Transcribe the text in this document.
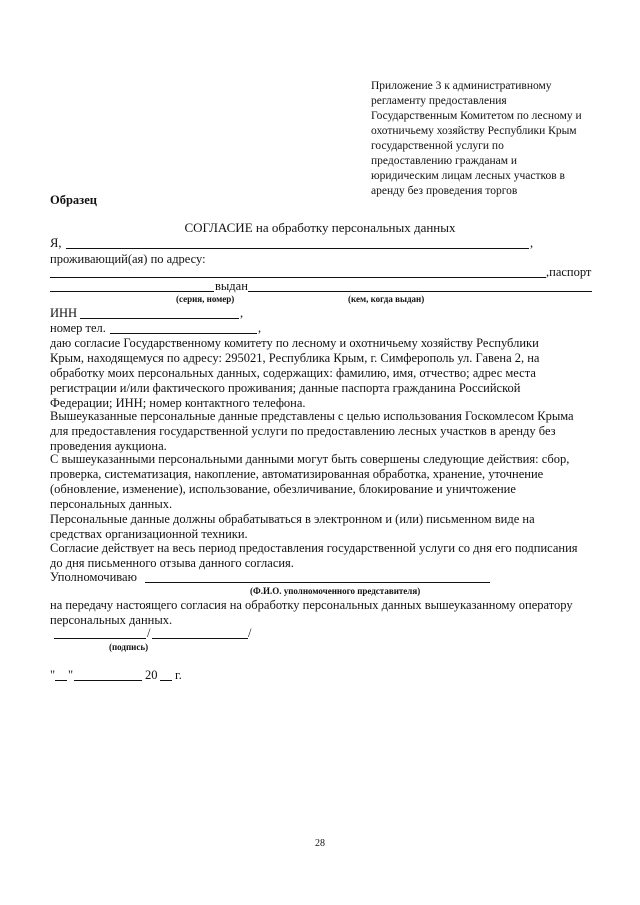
Приложение 3 к административному
регламенту предоставления
Государственным Комитетом по лесному и
охотничьему хозяйству Республики Крым
государственной услуги по
предоставлению гражданам и
юридическим лицам лесных участков в
аренду без проведения торгов
Образец
СОГЛАСИЕ на обработку персональных данных
Я,	,
проживающий(ая) по адресу:
,паспорт
выдан
(серия, номер)	(кем, когда выдан)
ИНН	,
номер тел.	,
даю согласие Государственному комитету по лесному и охотничьему хозяйству Республики
Крым, находящемуся по адресу: 295021, Республика Крым, г. Симферополь ул. Гавена 2, на
обработку моих персональных данных, содержащих: фамилию, имя, отчество; адрес места
регистрации и/или фактического проживания; данные паспорта гражданина Российской
Федерации; ИНН; номер контактного телефона.
Вышеуказанные персональные данные представлены с целью использования Госкомлесом Крыма
для предоставления государственной услуги по предоставлению лесных участков в аренду без
проведения аукциона.
С вышеуказанными персональными данными могут быть совершены следующие действия: сбор,
проверка, систематизация, накопление, автоматизированная обработка, хранение, уточнение
(обновление, изменение), использование, обезличивание, блокирование и уничтожение
персональных данных.
Персональные данные должны обрабатываться в электронном и (или) письменном виде на
средствах организационной техники.
Согласие действует на весь период предоставления государственной услуги со дня его подписания
до дня письменного отзыва данного согласия.
Уполномочиваю
(Ф.И.О. уполномоченного представителя)
на передачу настоящего согласия на обработку персональных данных вышеуказанному оператору
персональных данных.
/	/
(подпись)
" "	20 г.
28
